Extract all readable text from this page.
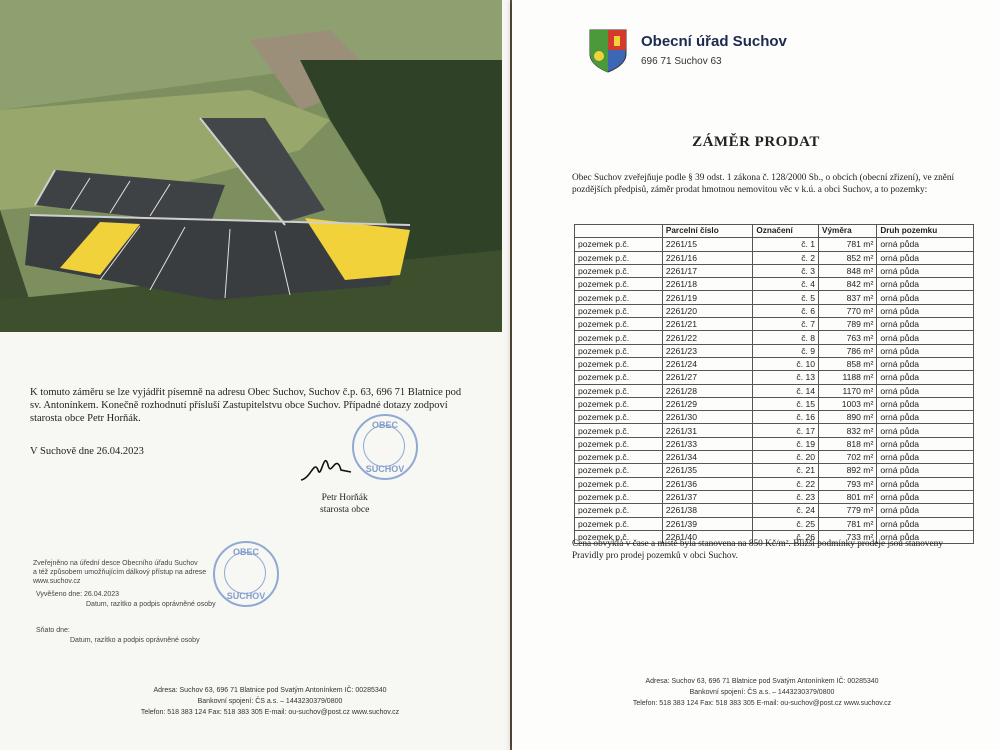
K tomuto záměru se lze vyjádřit písemně na adresu Obec Suchov, Suchov č.p. 63, 696 71 Blatnice pod sv. Antonínkem. Konečně rozhodnutí přísluší Zastupitelstvu obce Suchov. Případné dotazy zodpoví starosta obce Petr Horňák.
V Suchově dne 26.04.2023
OBEC
SUCHOV
Petr Horňák
starosta obce
Zveřejněno na úřední desce Obecního úřadu Suchov
a též způsobem umožňujícím dálkový přístup na adrese
www.suchov.cz
OBEC
SUCHOV
Vyvěšeno dne: 26.04.2023
Datum, razítko a podpis oprávněné osoby
Sňato dne:
Datum, razítko a podpis oprávněné osoby
Adresa: Suchov 63, 696 71 Blatnice pod Svatým Antonínkem IČ: 00285340
Bankovní spojení: ČS a.s. – 1443230379/0800
Telefon: 518 383 124 Fax: 518 383 305 E-mail: ou-suchov@post.cz www.suchov.cz
Obecní úřad Suchov
696 71 Suchov 63
ZÁMĚR PRODAT
Obec Suchov zveřejňuje podle § 39 odst. 1 zákona č. 128/2000 Sb., o obcích (obecní zřízení), ve znění pozdějších předpisů, záměr prodat hmotnou nemovitou věc v k.ú. a obci Suchov, a to pozemky:
	Parcelní číslo	Označení	Výměra	Druh pozemku
pozemek p.č.	2261/15	č. 1	781 m²	orná půda
pozemek p.č.	2261/16	č. 2	852 m²	orná půda
pozemek p.č.	2261/17	č. 3	848 m²	orná půda
pozemek p.č.	2261/18	č. 4	842 m²	orná půda
pozemek p.č.	2261/19	č. 5	837 m²	orná půda
pozemek p.č.	2261/20	č. 6	770 m²	orná půda
pozemek p.č.	2261/21	č. 7	789 m²	orná půda
pozemek p.č.	2261/22	č. 8	763 m²	orná půda
pozemek p.č.	2261/23	č. 9	786 m²	orná půda
pozemek p.č.	2261/24	č. 10	858 m²	orná půda
pozemek p.č.	2261/27	č. 13	1188 m²	orná půda
pozemek p.č.	2261/28	č. 14	1170 m²	orná půda
pozemek p.č.	2261/29	č. 15	1003 m²	orná půda
pozemek p.č.	2261/30	č. 16	890 m²	orná půda
pozemek p.č.	2261/31	č. 17	832 m²	orná půda
pozemek p.č.	2261/33	č. 19	818 m²	orná půda
pozemek p.č.	2261/34	č. 20	702 m²	orná půda
pozemek p.č.	2261/35	č. 21	892 m²	orná půda
pozemek p.č.	2261/36	č. 22	793 m²	orná půda
pozemek p.č.	2261/37	č. 23	801 m²	orná půda
pozemek p.č.	2261/38	č. 24	779 m²	orná půda
pozemek p.č.	2261/39	č. 25	781 m²	orná půda
pozemek p.č.	2261/40	č. 26	733 m²	orná půda
Cena obvyklá v čase a místě byla stanovena na 850 Kč/m². Bližší podmínky prodeje jsou stanoveny Pravidly pro prodej pozemků v obci Suchov.
Adresa: Suchov 63, 696 71 Blatnice pod Svatým Antonínkem IČ: 00285340
Bankovní spojení: ČS a.s. – 1443230379/0800
Telefon: 518 383 124 Fax: 518 383 305 E-mail: ou-suchov@post.cz www.suchov.cz
